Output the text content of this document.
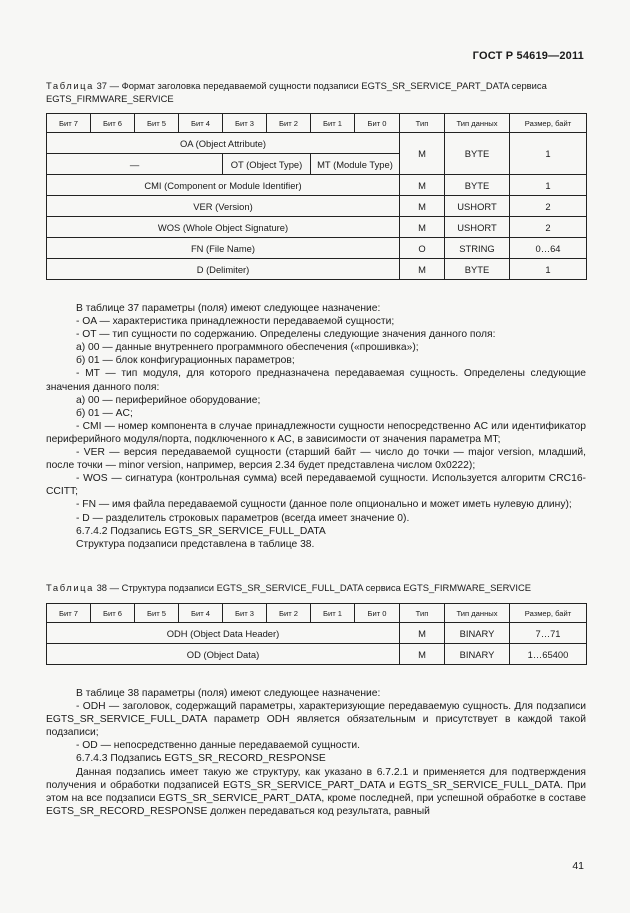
ГОСТ Р 54619—2011
Таблица 37 — Формат заголовка передаваемой сущности подзаписи EGTS_SR_SERVICE_PART_DATA сервиса EGTS_FIRMWARE_SERVICE
Бит 7	Бит 6	Бит 5	Бит 4	Бит 3	Бит 2	Бит 1	Бит 0	Тип	Тип данных	Размер, байт
OA (Object Attribute)								M	BYTE	1
—				OT (Object Type)		MT (Module Type)				
CMI (Component or Module Identifier)								M	BYTE	1
VER (Version)								M	USHORT	2
WOS (Whole Object Signature)								M	USHORT	2
FN (File Name)								O	STRING	0…64
D (Delimiter)								M	BYTE	1

В таблице 37 параметры (поля) имеют следующее назначение:

- OA — характеристика принадлежности передаваемой сущности;

- OT — тип сущности по содержанию. Определены следующие значения данного поля:

а) 00 — данные внутреннего программного обеспечения («прошивка»);

б) 01 — блок конфигурационных параметров;

- MT — тип модуля, для которого предназначена передаваемая сущность. Определены следующие значения данного поля:

а) 00 — периферийное оборудование;

б) 01 — AC;

- CMI — номер компонента в случае принадлежности сущности непосредственно AC или идентификатор периферийного модуля/порта, подключенного к AC, в зависимости от значения параметра MT;

- VER — версия передаваемой сущности (старший байт — число до точки — major version, младший, после точки — minor version, например, версия 2.34 будет представлена числом 0x0222);

- WOS — сигнатура (контрольная сумма) всей передаваемой сущности. Используется алгоритм CRC16-CCITT;

- FN — имя файла передаваемой сущности (данное поле опционально и может иметь нулевую длину);

- D — разделитель строковых параметров (всегда имеет значение 0).

6.7.4.2 Подзапись EGTS_SR_SERVICE_FULL_DATA

Структура подзаписи представлена в таблице 38.

Таблица 38 — Структура подзаписи EGTS_SR_SERVICE_FULL_DATA сервиса EGTS_FIRMWARE_SERVICE
Бит 7	Бит 6	Бит 5	Бит 4	Бит 3	Бит 2	Бит 1	Бит 0	Тип	Тип данных	Размер, байт
ODH (Object Data Header)								M	BINARY	7…71
OD (Object Data)								M	BINARY	1…65400

В таблице 38 параметры (поля) имеют следующее назначение:

- ODH — заголовок, содержащий параметры, характеризующие передаваемую сущность. Для подзаписи EGTS_SR_SERVICE_FULL_DATA параметр ODH является обязательным и присутствует в каждой такой подзаписи;

- OD — непосредственно данные передаваемой сущности.

6.7.4.3 Подзапись EGTS_SR_RECORD_RESPONSE

Данная подзапись имеет такую же структуру, как указано в 6.7.2.1 и применяется для подтверждения получения и обработки подзаписей EGTS_SR_SERVICE_PART_DATA и EGTS_SR_SERVICE_FULL_DATA. При этом на все подзаписи EGTS_SR_SERVICE_PART_DATA, кроме последней, при успешной обработке в составе EGTS_SR_RECORD_RESPONSE должен передаваться код результата, равный

41
